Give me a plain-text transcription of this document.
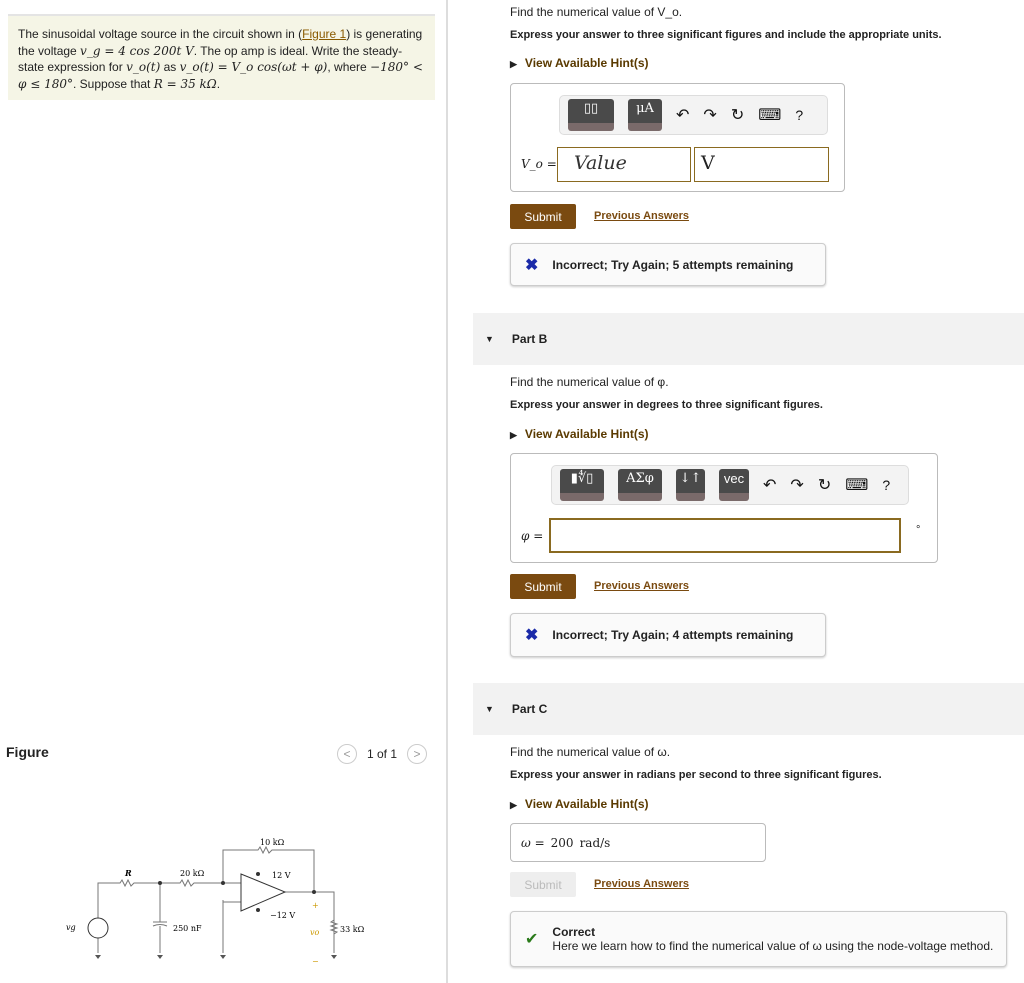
The sinusoidal voltage source in the circuit shown in (Figure 1) is generating the voltage v_g = 4 cos 200t V. The op amp is ideal. Write the steady-state expression for v_o(t) as v_o(t) = V_o cos(ωt + φ), where −180° < φ ≤ 180°. Suppose that R = 35 kΩ.
Figure	<	1 of 1	>
R	20 kΩ
10 kΩ
12 V
−12 V
250 nF	33 kΩ
vg
vo
+
−
Find the numerical value of V_o.
Express your answer to three significant figures and include the appropriate units.
▶ View Available Hint(s)
▯▯	μA	↶ ↷ ↻ ⌨ ?
V_o = Value	V
Submit	Previous Answers
✖ Incorrect; Try Again; 5 attempts remaining
▼ Part B
Find the numerical value of φ.
Express your answer in degrees to three significant figures.
▶ View Available Hint(s)
▮∜▯	ΑΣφ	↓↑	vec	↶ ↷ ↻ ⌨ ?
φ =	°
Submit	Previous Answers
✖ Incorrect; Try Again; 4 attempts remaining
▼ Part C
Find the numerical value of ω.
Express your answer in radians per second to three significant figures.
▶ View Available Hint(s)
ω = 200 rad/s
Submit	Previous Answers
✔ Correct
Here we learn how to find the numerical value of ω using the node-voltage method.
